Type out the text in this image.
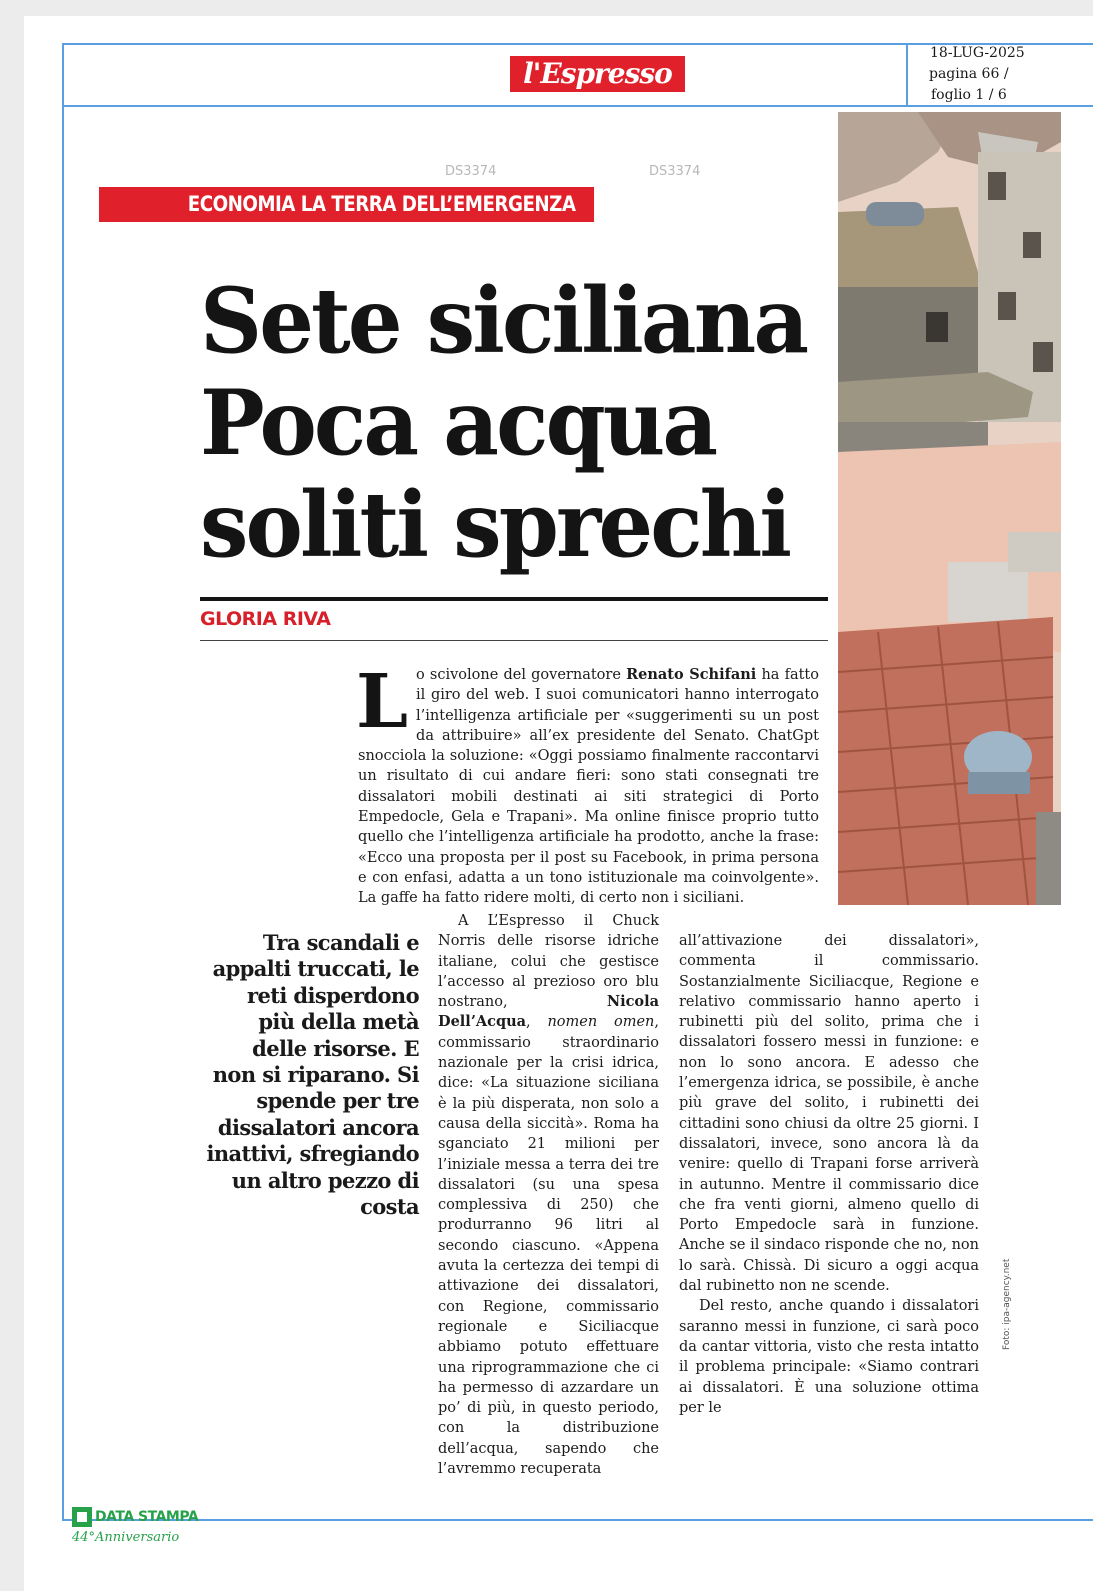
18-LUG-2025
pagina 66 /
foglio 1 / 6
l'Espresso
DS3374	DS3374
ECONOMIA LA TERRA DELL’EMERGENZA
Sete siciliana
Poca acqua
soliti sprechi
GLORIA RIVA
Lo scivolone del governatore Renato Schifani ha fatto il giro del web. I suoi comunicatori hanno interrogato l’intelligenza artificiale per «suggerimenti su un post da attribuire» all’ex presidente del Senato. ChatGpt snocciola la soluzione: «Oggi possiamo finalmente raccontarvi un risultato di cui andare fieri: sono stati consegnati tre dissalatori mobili destinati ai siti strategici di Porto Empedocle, Gela e Trapani». Ma online finisce proprio tutto quello che l’intelligenza artificiale ha prodotto, anche la frase: «Ecco una proposta per il post su Facebook, in prima persona e con enfasi, adatta a un tono istituzionale ma coinvolgente». La gaffe ha fatto ridere molti, di certo non i siciliani.
Tra scandali e appalti truccati, le reti disperdono più della metà delle risorse. E non si riparano. Si spende per tre dissalatori ancora inattivi, sfregiando un altro pezzo di costa

A L’Espresso il Chuck Norris delle risorse idriche italiane, colui che gestisce l’accesso al prezioso oro blu nostrano, Nicola Dell’Acqua, nomen omen, commissario straordinario nazionale per la crisi idrica, dice: «La situazione siciliana è la più disperata, non solo a causa della siccità». Roma ha sganciato 21 milioni per l’iniziale messa a terra dei tre dissalatori (su una spesa complessiva di 250) che produrranno 96 litri al secondo ciascuno. «Appena avuta la certezza dei tempi di attivazione dei dissalatori, con Regione, commissario regionale e Siciliacque abbiamo potuto effettuare una riprogrammazione che ci ha permesso di azzardare un po’ di più, in questo periodo, con la distribuzione dell’acqua, sapendo che l’avremmo recuperata

all’attivazione dei dissalatori», commenta il commissario. Sostanzialmente Siciliacque, Regione e relativo commissario hanno aperto i rubinetti più del solito, prima che i dissalatori fossero messi in funzione: e non lo sono ancora. E adesso che l’emergenza idrica, se possibile, è anche più grave del solito, i rubinetti dei cittadini sono chiusi da oltre 25 giorni. I dissalatori, invece, sono ancora là da venire: quello di Trapani forse arriverà in autunno. Mentre il commissario dice che fra venti giorni, almeno quello di Porto Empedocle sarà in funzione. Anche se il sindaco risponde che no, non lo sarà. Chissà. Di sicuro a oggi acqua dal rubinetto non ne scende.

Del resto, anche quando i dissalatori saranno messi in funzione, ci sarà poco da cantar vittoria, visto che resta intatto il problema principale: «Siamo contrari ai dissalatori. È una soluzione ottima per le

Foto: ipa-agency.net
DATA STAMPA
44°Anniversario
